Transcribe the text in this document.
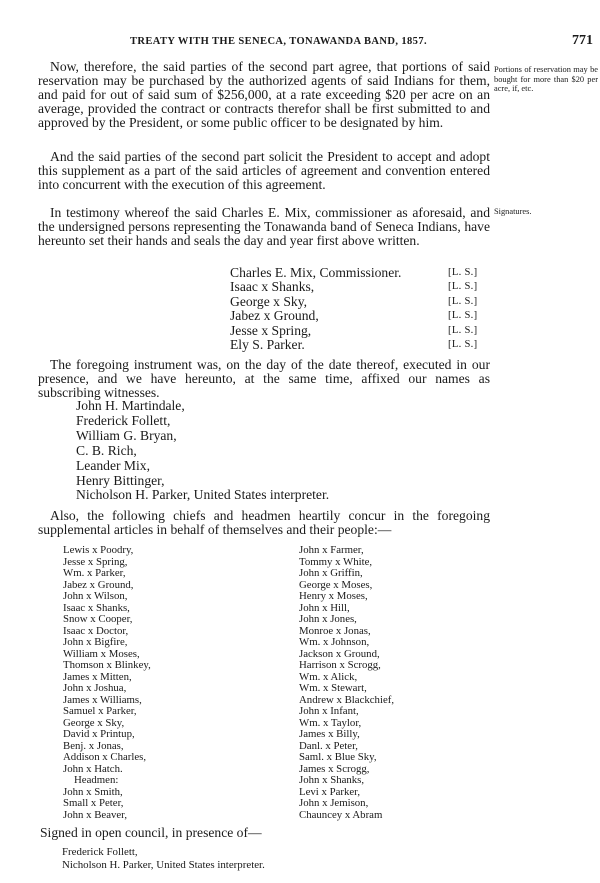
TREATY WITH THE SENECA, TONAWANDA BAND, 1857.	771
Portions of reservation may be bought for more than $20 per acre, if, etc.
Signatures.

Now, therefore, the said parties of the second part agree, that portions of said reservation may be purchased by the authorized agents of said Indians for them, and paid for out of said sum of $256,000, at a rate exceeding $20 per acre on an average, provided the contract or contracts therefor shall be first submitted to and approved by the President, or some public officer to be designated by him.

And the said parties of the second part solicit the President to accept and adopt this supplement as a part of the said articles of agreement and convention entered into concurrent with the execution of this agreement.

In testimony whereof the said Charles E. Mix, commissioner as aforesaid, and the undersigned persons representing the Tonawanda band of Seneca Indians, have hereunto set their hands and seals the day and year first above written.

Charles E. Mix, Commissioner.	[L. S.]
Isaac x Shanks,	[L. S.]
George x Sky,	[L. S.]
Jabez x Ground,	[L. S.]
Jesse x Spring,	[L. S.]
Ely S. Parker.	[L. S.]

The foregoing instrument was, on the day of the date thereof, executed in our presence, and we have hereunto, at the same time, affixed our names as subscribing witnesses.

John H. Martindale,
Frederick Follett,
William G. Bryan,
C. B. Rich,
Leander Mix,
Henry Bittinger,
Nicholson H. Parker, United States interpreter.

Also, the following chiefs and headmen heartily concur in the foregoing supplemental articles in behalf of themselves and their people:—

Lewis x Poodry,
Jesse x Spring,
Wm. x Parker,
Jabez x Ground,
John x Wilson,
Isaac x Shanks,
Snow x Cooper,
Isaac x Doctor,
John x Bigfire,
William x Moses,
Thomson x Blinkey,
James x Mitten,
John x Joshua,
James x Williams,
Samuel x Parker,
George x Sky,
David x Printup,
Benj. x Jonas,
Addison x Charles,
John x Hatch.
Headmen:
John x Smith,
Small x Peter,
John x Beaver,
John x Farmer,
Tommy x White,
John x Griffin,
George x Moses,
Henry x Moses,
John x Hill,
John x Jones,
Monroe x Jonas,
Wm. x Johnson,
Jackson x Ground,
Harrison x Scrogg,
Wm. x Alick,
Wm. x Stewart,
Andrew x Blackchief,
John x Infant,
Wm. x Taylor,
James x Billy,
Danl. x Peter,
Saml. x Blue Sky,
James x Scrogg,
John x Shanks,
Levi x Parker,
John x Jemison,
Chauncey x Abram
Signed in open council, in presence of—
Frederick Follett,
Nicholson H. Parker, United States interpreter.
